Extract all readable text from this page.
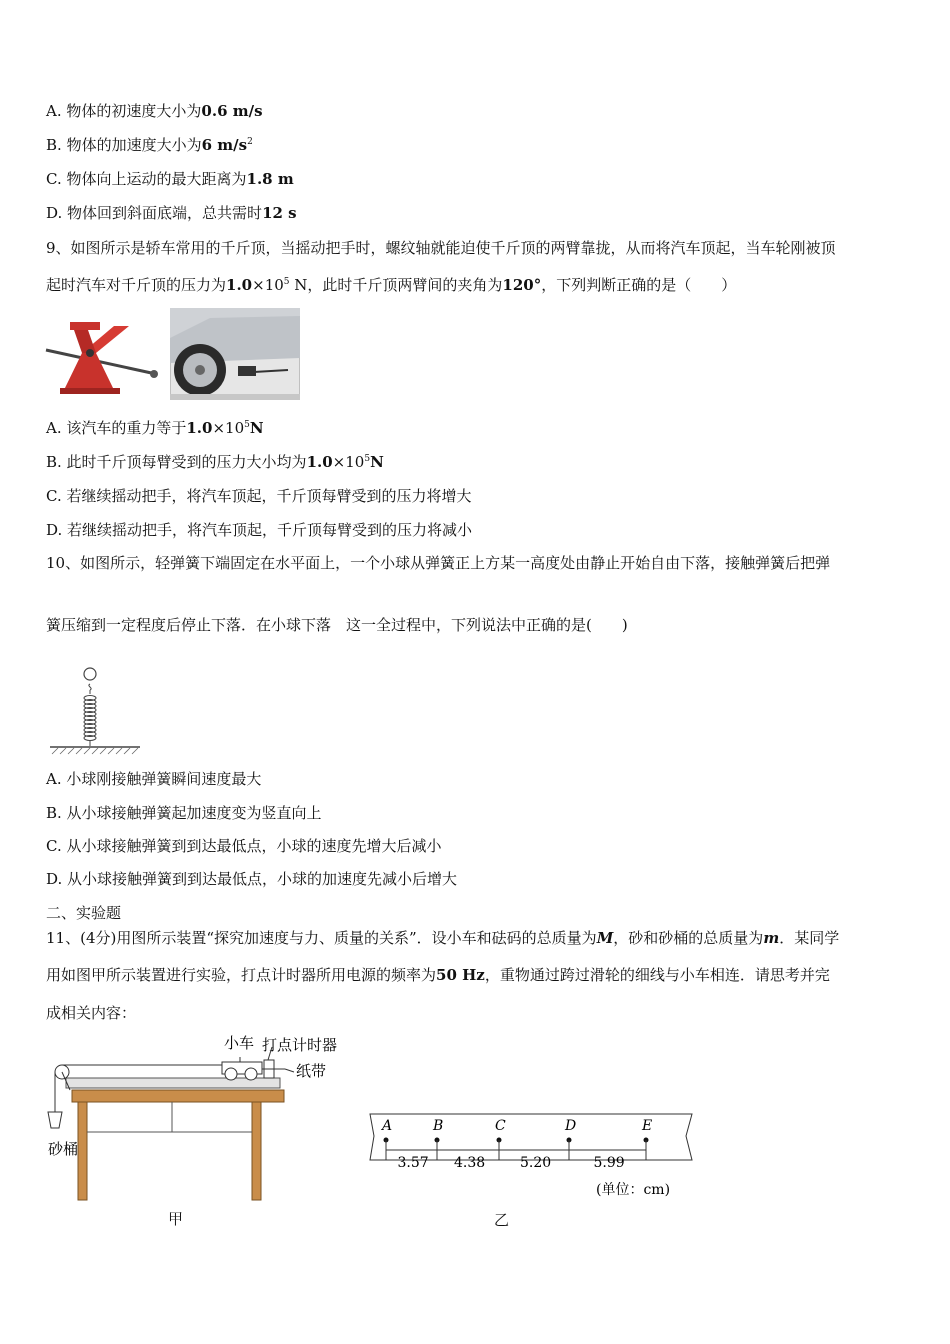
A. 物体的初速度大小为0.6 m/s
B. 物体的加速度大小为6 $m/s^2$
C. 物体向上运动的最大距离为1.8 m
D. 物体回到斜面底端，总共需时12 s
9、如图所示是轿车常用的千斤顶，当摇动把手时，螺纹轴就能迫使千斤顶的两臂靠拢，从而将汽车顶起，当车轮刚被顶
起时汽车对千斤顶的压力为$1.0\times 10^5$ N，此时千斤顶两臂间的夹角为120°，下列判断正确的是（　　）
A. 该汽车的重力等于$1.0\times 10^5N$
B. 此时千斤顶每臂受到的压力大小均为$1.0\times 10^5N$
C. 若继续摇动把手，将汽车顶起，千斤顶每臂受到的压力将增大
D. 若继续摇动把手，将汽车顶起，千斤顶每臂受到的压力将减小
10、如图所示，轻弹簧下端固定在水平面上，一个小球从弹簧正上方某一高度处由静止开始自由下落，接触弹簧后把弹
簧压缩到一定程度后停止下落．在小球下落　这一全过程中，下列说法中正确的是(　　)
A. 小球刚接触弹簧瞬间速度最大
B. 从小球接触弹簧起加速度变为竖直向上
C. 从小球接触弹簧到到达最低点，小球的速度先增大后减小
D. 从小球接触弹簧到到达最低点，小球的加速度先减小后增大
二、实验题
11、(4分)用图所示装置“探究加速度与力、质量的关系”．设小车和砝码的总质量为M，砂和砂桶的总质量为m．某同学
用如图甲所示装置进行实验，打点计时器所用电源的频率为50 Hz，重物通过跨过滑轮的细线与小车相连．请思考并完
成相关内容：
小车 打点计时器
纸带
砂桶
甲
A	B	C	D	E
3.57 4.38 5.20	5.99
(单位：cm)
乙
